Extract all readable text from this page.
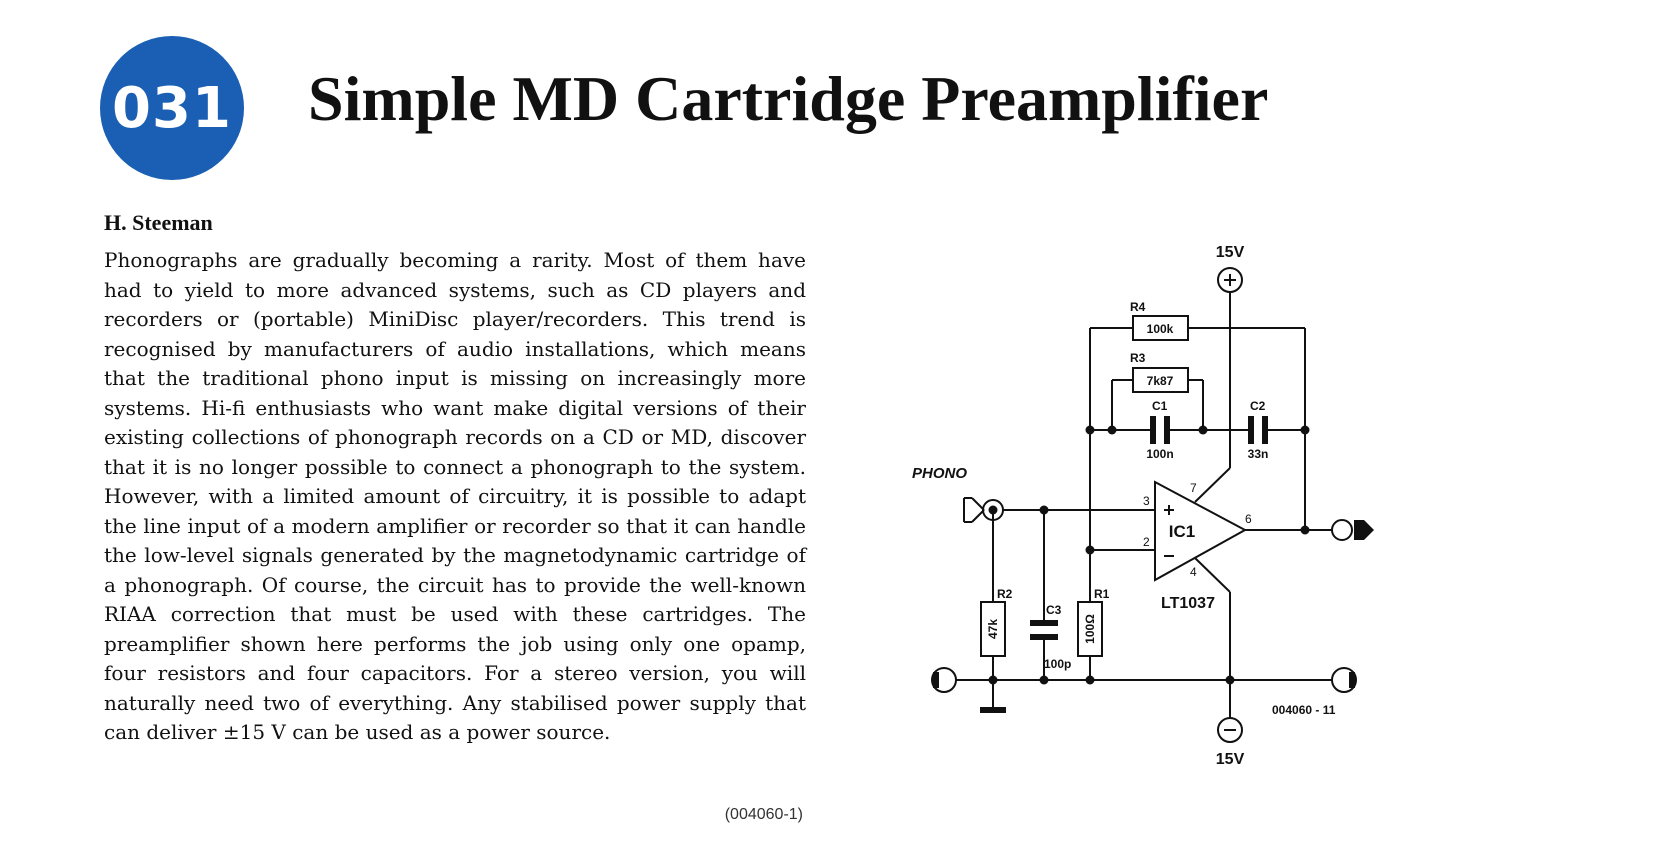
031 Simple MD Cartridge Preamplifier
H. Steeman

Phonographs are gradually becoming a rarity. Most of them have had to yield to more advanced systems, such as CD players and recorders or (portable) MiniDisc player/recorders. This trend is recognised by manufacturers of audio installations, which means that the traditional phono input is missing on increasingly more systems. Hi-fi enthusiasts who want make digital versions of their existing collections of phonograph records on a CD or MD, discover that it is no longer possible to connect a phonograph to the system. However, with a limited amount of circuitry, it is possible to adapt the line input of a modern amplifier or recorder so that it can handle the low-level signals generated by the magnetodynamic cartridge of a phonograph. Of course, the circuit has to provide the well-known RIAA correction that must be used with these cartridges. The preamplifier shown here performs the job using only one opamp, four resistors and four capacitors. For a stereo version, you will naturally need two of everything. Any stabilised power supply that can deliver ±15 V can be used as a power source.

(004060-1)
15V
15V
PHONO
IC1
LT1037
3
2
6
7
4
R4
100k
R3
7k87
C1
100n
C2
33n
R2
47k
C3
100p
R1
100Ω
004060 - 11
